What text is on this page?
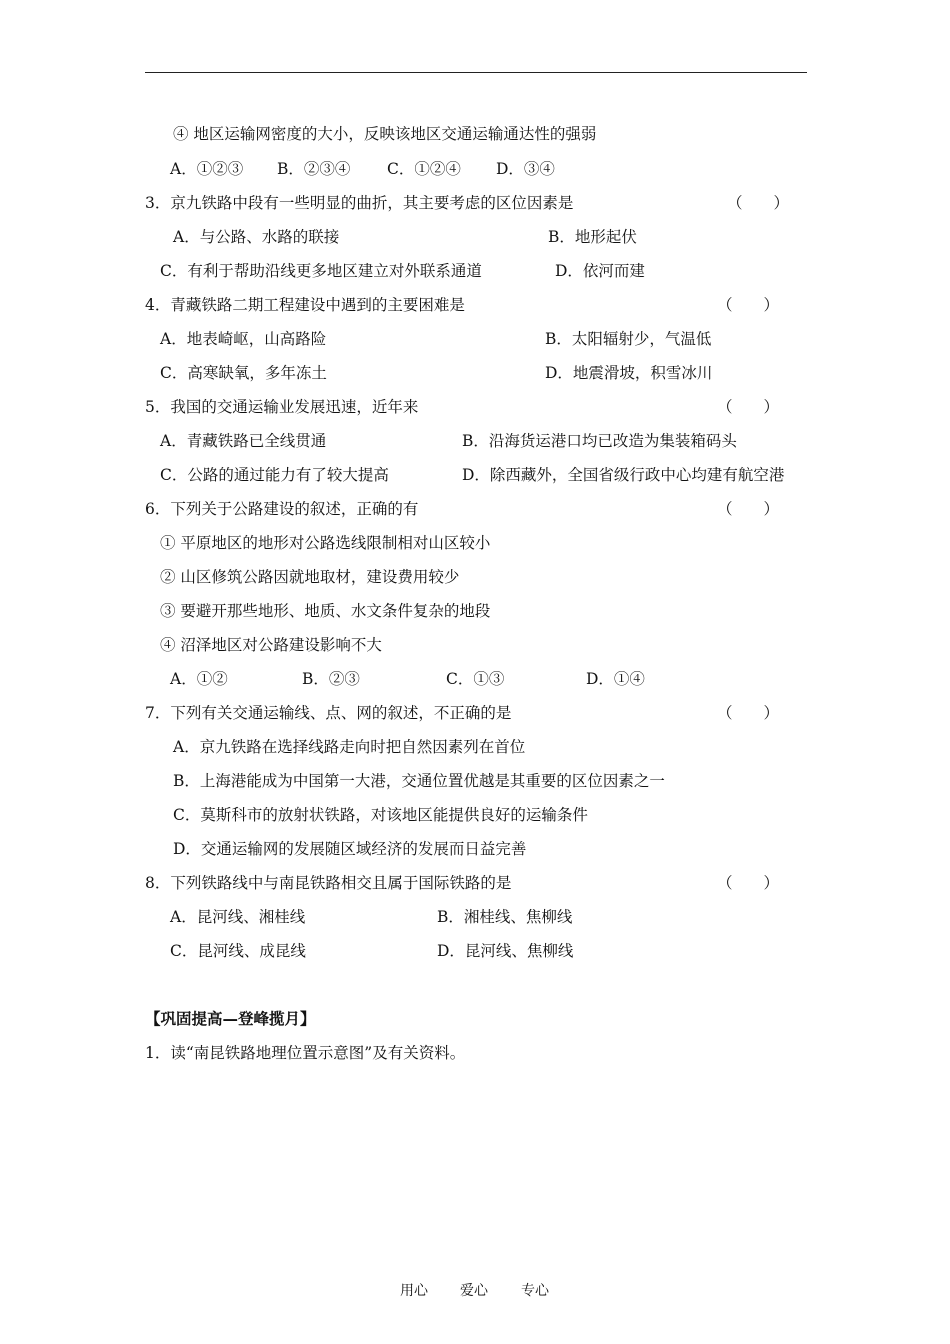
④ 地区运输网密度的大小，反映该地区交通运输通达性的强弱
A．①②③ B．②③④ C．①②④ D．③④
3．京九铁路中段有一些明显的曲折，其主要考虑的区位因素是	（　　）
A．与公路、水路的联接	B．地形起伏
C．有利于帮助沿线更多地区建立对外联系通道	D．依河而建
4．青藏铁路二期工程建设中遇到的主要困难是	（　　）
A．地表崎岖，山高路险	B．太阳辐射少，气温低
C．高寒缺氧，多年冻土	D．地震滑坡，积雪冰川
5．我国的交通运输业发展迅速，近年来	（　　）
A．青藏铁路已全线贯通	B．沿海货运港口均已改造为集装箱码头
C．公路的通过能力有了较大提高	D．除西藏外，全国省级行政中心均建有航空港
6．下列关于公路建设的叙述，正确的有	（　　）
① 平原地区的地形对公路选线限制相对山区较小
② 山区修筑公路因就地取材，建设费用较少
③ 要避开那些地形、地质、水文条件复杂的地段
④ 沼泽地区对公路建设影响不大
A．①②	B．②③	C．①③	D．①④
7．下列有关交通运输线、点、网的叙述，不正确的是	（　　）
A．京九铁路在选择线路走向时把自然因素列在首位
B．上海港能成为中国第一大港，交通位置优越是其重要的区位因素之一
C．莫斯科市的放射状铁路，对该地区能提供良好的运输条件
D．交通运输网的发展随区域经济的发展而日益完善
8．下列铁路线中与南昆铁路相交且属于国际铁路的是	（　　）
A．昆河线、湘桂线	B．湘桂线、焦柳线
C．昆河线、成昆线	D．昆河线、焦柳线
【巩固提高—登峰揽月】
1．读“南昆铁路地理位置示意图”及有关资料。
用心 爱心 专心
